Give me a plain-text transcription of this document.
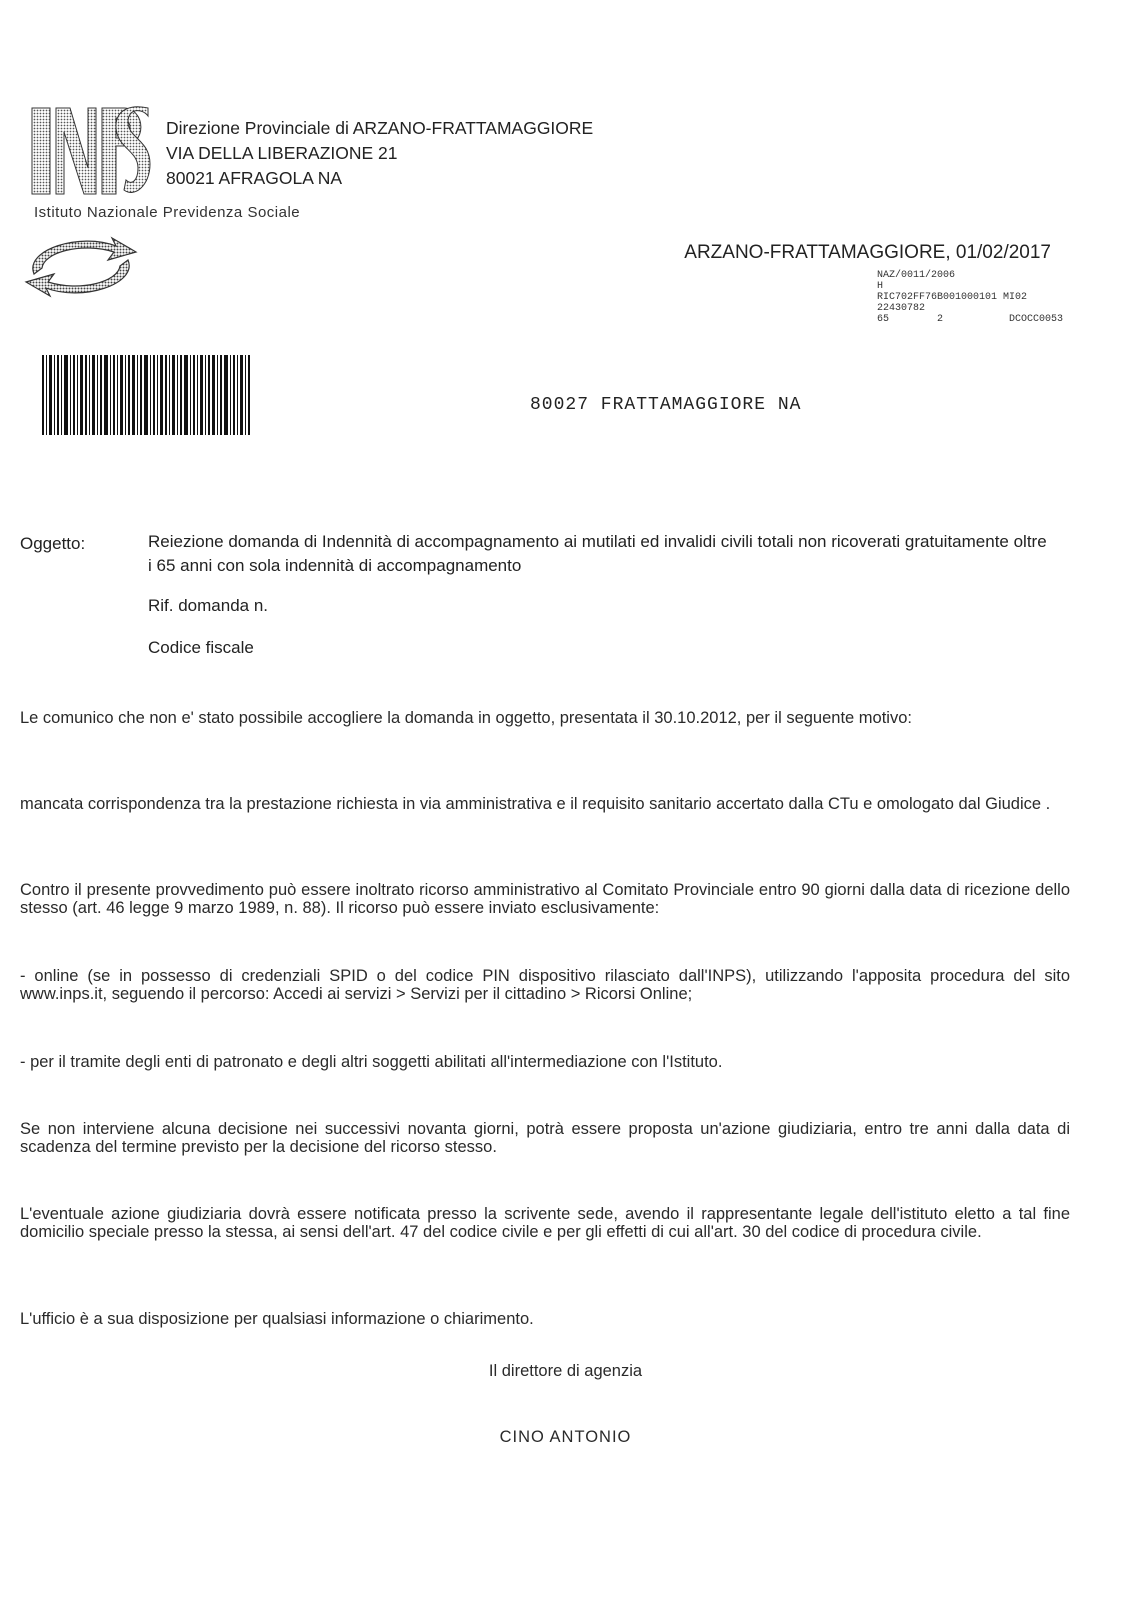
Direzione Provinciale di ARZANO-FRATTAMAGGIORE
VIA DELLA LIBERAZIONE 21
80021 AFRAGOLA NA
Istituto Nazionale Previdenza Sociale
ARZANO-FRATTAMAGGIORE, 01/02/2017
NAZ/0011/2006
H
RIC702FF76B001000101 MI02
22430782
65        2           DCOCC0053
80027 FRATTAMAGGIORE NA
Oggetto:	Reiezione domanda di Indennità di accompagnamento ai mutilati ed invalidi civili totali non ricoverati gratuitamente oltre i 65 anni con sola indennità di accompagnamento
Rif. domanda n.
Codice fiscale
Le comunico che non e' stato possibile accogliere la domanda in oggetto, presentata il 30.10.2012, per il seguente motivo:
mancata corrispondenza tra la prestazione richiesta in via amministrativa e il requisito sanitario accertato dalla CTu e omologato dal Giudice .
Contro il presente provvedimento può essere inoltrato ricorso amministrativo al Comitato Provinciale entro 90 giorni dalla data di ricezione dello stesso (art. 46 legge 9 marzo 1989, n. 88). Il ricorso può essere inviato esclusivamente:
- online (se in possesso di credenziali SPID o del codice PIN dispositivo rilasciato dall'INPS), utilizzando l'apposita procedura del sito www.inps.it, seguendo il percorso: Accedi ai servizi > Servizi per il cittadino > Ricorsi Online;
- per il tramite degli enti di patronato e degli altri soggetti abilitati all'intermediazione con l'Istituto.
Se non interviene alcuna decisione nei successivi novanta giorni, potrà essere proposta un'azione giudiziaria, entro tre anni dalla data di scadenza del termine previsto per la decisione del ricorso stesso.
L'eventuale azione giudiziaria dovrà essere notificata presso la scrivente sede, avendo il rappresentante legale dell'istituto eletto a tal fine domicilio speciale presso la stessa, ai sensi dell'art. 47 del codice civile e per gli effetti di cui all'art. 30 del codice di procedura civile.
L'ufficio è a sua disposizione per qualsiasi informazione o chiarimento.
Il direttore di agenzia
CINO ANTONIO
